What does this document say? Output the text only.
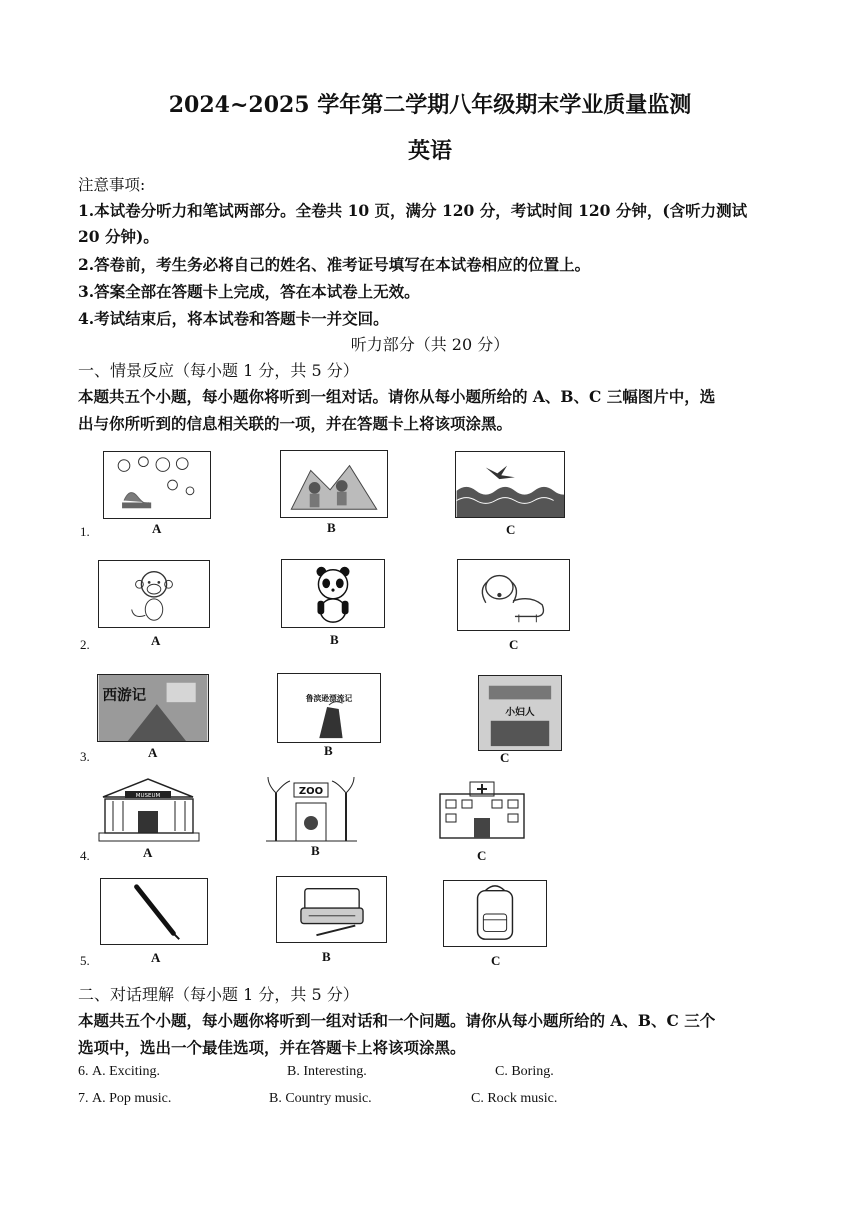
2024~2025 学年第二学期八年级期末学业质量监测
英语
注意事项:
1.本试卷分听力和笔试两部分。全卷共 10 页，满分 120 分，考试时间 120 分钟，(含听力测试
20 分钟)。
2.答卷前，考生务必将自己的姓名、准考证号填写在本试卷相应的位置上。
3.答案全部在答题卡上完成，答在本试卷上无效。
4.考试结束后，将本试卷和答题卡一并交回。
听力部分（共 20 分）
一、情景反应（每小题 1 分，共 5 分）
本题共五个小题，每小题你将听到一组对话。请你从每小题所给的 A、B、C 三幅图片中，选
出与你所听到的信息相关联的一项，并在答题卡上将该项涂黑。
1.	A	B	C
2.	A	B	C
西游记	鲁滨逊漂流记
小妇人
3.	A	B	C
MUSEUM	ZOO
4.	A	B	C
5.	A	B	C
二、对话理解（每小题 1 分，共 5 分）
本题共五个小题，每小题你将听到一组对话和一个问题。请你从每小题所给的 A、B、C 三个
选项中，选出一个最佳选项，并在答题卡上将该项涂黑。
6. A. Exciting.	B. Interesting.	C. Boring.
7. A. Pop music.	B. Country music.	C. Rock music.
